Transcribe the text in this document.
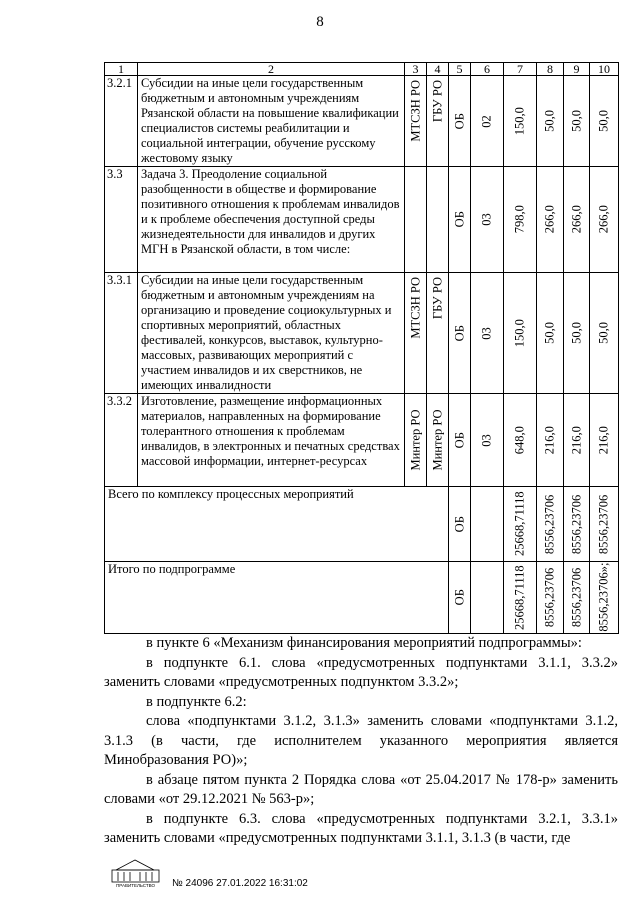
8
1	2	3	4	5	6	7	8	9	10
3.2.1	Субсидии на иные цели государственным бюджетным и автономным учреждениям Рязанской области на повышение квалификации специалистов системы реабилитации и социальной интеграции, обучение русскому жестовому языку	МТСЗН РО	ГБУ РО	ОБ	02	150,0	50,0	50,0	50,0

3.3	Задача 3. Преодоление социальной разобщенности в обществе и формирование позитивного отношения к проблемам инвалидов и к проблеме обеспечения доступной среды жизнедеятельности для инвалидов и других МГН в Рязанской области, в том числе:			ОБ	03	798,0	266,0	266,0	266,0

3.3.1	Субсидии на иные цели государственным бюджетным и автономным учреждениям на организацию и проведение социокультурных и спортивных мероприятий, областных фестивалей, конкурсов, выставок, культурно-массовых, развивающих мероприятий с участием инвалидов и их сверстников, не имеющих инвалидности	МТСЗН РО	ГБУ РО	ОБ	03	150,0	50,0	50,0	50,0

3.3.2	Изготовление, размещение информационных материалов, направленных на формирование толерантного отношения к проблемам инвалидов, в электронных и печатных средствах массовой информации, интернет-ресурсах	Минтер РО	Минтер РО	ОБ	03	648,0	216,0	216,0	216,0

Всего по комплексу процессных мероприятий				ОБ		25668,71118	8556,23706	8556,23706	8556,23706

Итого по подпрограмме				ОБ		25668,71118	8556,23706	8556,23706	8556,23706»;

в пункте 6 «Механизм финансирования мероприятий подпрограммы»:

в подпункте 6.1. слова «предусмотренных подпунктами 3.1.1, 3.3.2» заменить словами «предусмотренных подпунктом 3.3.2»;

в подпункте 6.2:

слова «подпунктами 3.1.2, 3.1.3» заменить словами «подпунктами 3.1.2, 3.1.3 (в части, где исполнителем указанного мероприятия является Минобразования РО)»;

в абзаце пятом пункта 2 Порядка слова «от 25.04.2017 № 178-р» заменить словами «от 29.12.2021 № 563-р»;

в подпункте 6.3. слова «предусмотренных подпунктами 3.2.1, 3.3.1» заменить словами «предусмотренных подпунктами 3.1.1, 3.1.3 (в части, где

ПРАВИТЕЛЬСТВО № 24096 27.01.2022 16:31:02
